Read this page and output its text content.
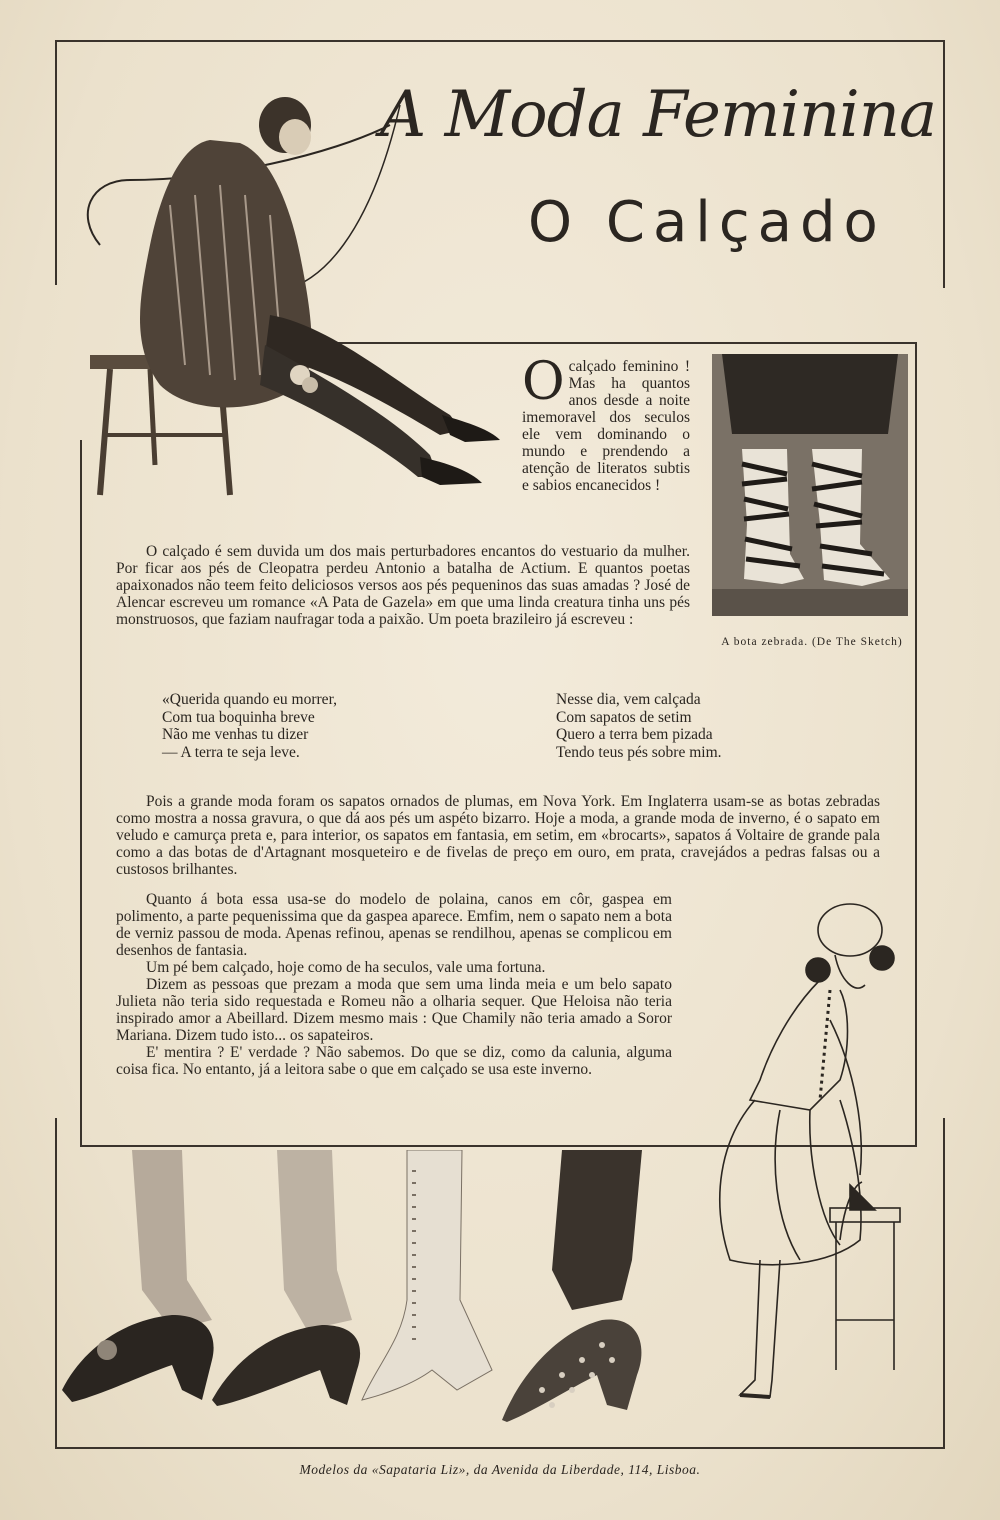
A Moda Feminina
O Calçado
A bota zebrada. (De The Sketch)
O calçado feminino ! Mas ha quantos anos desde a noite imemoravel dos seculos ele vem dominando o mundo e prendendo a atenção de literatos subtis e sabios encanecidos !
O calçado é sem duvida um dos mais perturbadores encantos do vestuario da mulher. Por ficar aos pés de Cleopatra perdeu Antonio a batalha de Actium. E quantos poetas apaixonados não teem feito deliciosos versos aos pés pequeninos das suas amadas ? José de Alencar escreveu um romance «A Pata de Gazela» em que uma linda creatura tinha uns pés monstruosos, que faziam naufragar toda a paixão. Um poeta brazileiro já escreveu :
«Querida quando eu morrer,
Com tua boquinha breve
Não me venhas tu dizer
— A terra te seja leve.
Nesse dia, vem calçada
Com sapatos de setim
Quero a terra bem pizada
Tendo teus pés sobre mim.
Pois a grande moda foram os sapatos ornados de plumas, em Nova York. Em Inglaterra usam-se as botas zebradas como mostra a nossa gravura, o que dá aos pés um aspéto bizarro. Hoje a moda, a grande moda de inverno, é o sapato em veludo e camurça preta e, para interior, os sapatos em fantasia, em setim, em «brocarts», sapatos á Voltaire de grande pala como a das botas de d'Artagnant mosqueteiro e de fivelas de preço em ouro, em prata, cravejádos a pedras falsas ou a custosos brilhantes.

Quanto á bota essa usa-se do modelo de polaina, canos em côr, gaspea em polimento, a parte pequenissima que da gaspea aparece. Emfim, nem o sapato nem a bota de verniz passou de moda. Apenas refinou, apenas se rendilhou, apenas se complicou em desenhos de fantasia.

Um pé bem calçado, hoje como de ha seculos, vale uma fortuna.

Dizem as pessoas que prezam a moda que sem uma linda meia e um belo sapato Julieta não teria sido requestada e Romeu não a olharia sequer. Que Heloisa não teria inspirado amor a Abeillard. Dizem mesmo mais : Que Chamily não teria amado a Soror Mariana. Dizem tudo isto... os sapateiros.

E' mentira ? E' verdade ? Não sabemos. Do que se diz, como da calunia, alguma coisa fica. No entanto, já a leitora sabe o que em calçado se usa este inverno.

Modelos da «Sapataria Liz», da Avenida da Liberdade, 114, Lisboa.
